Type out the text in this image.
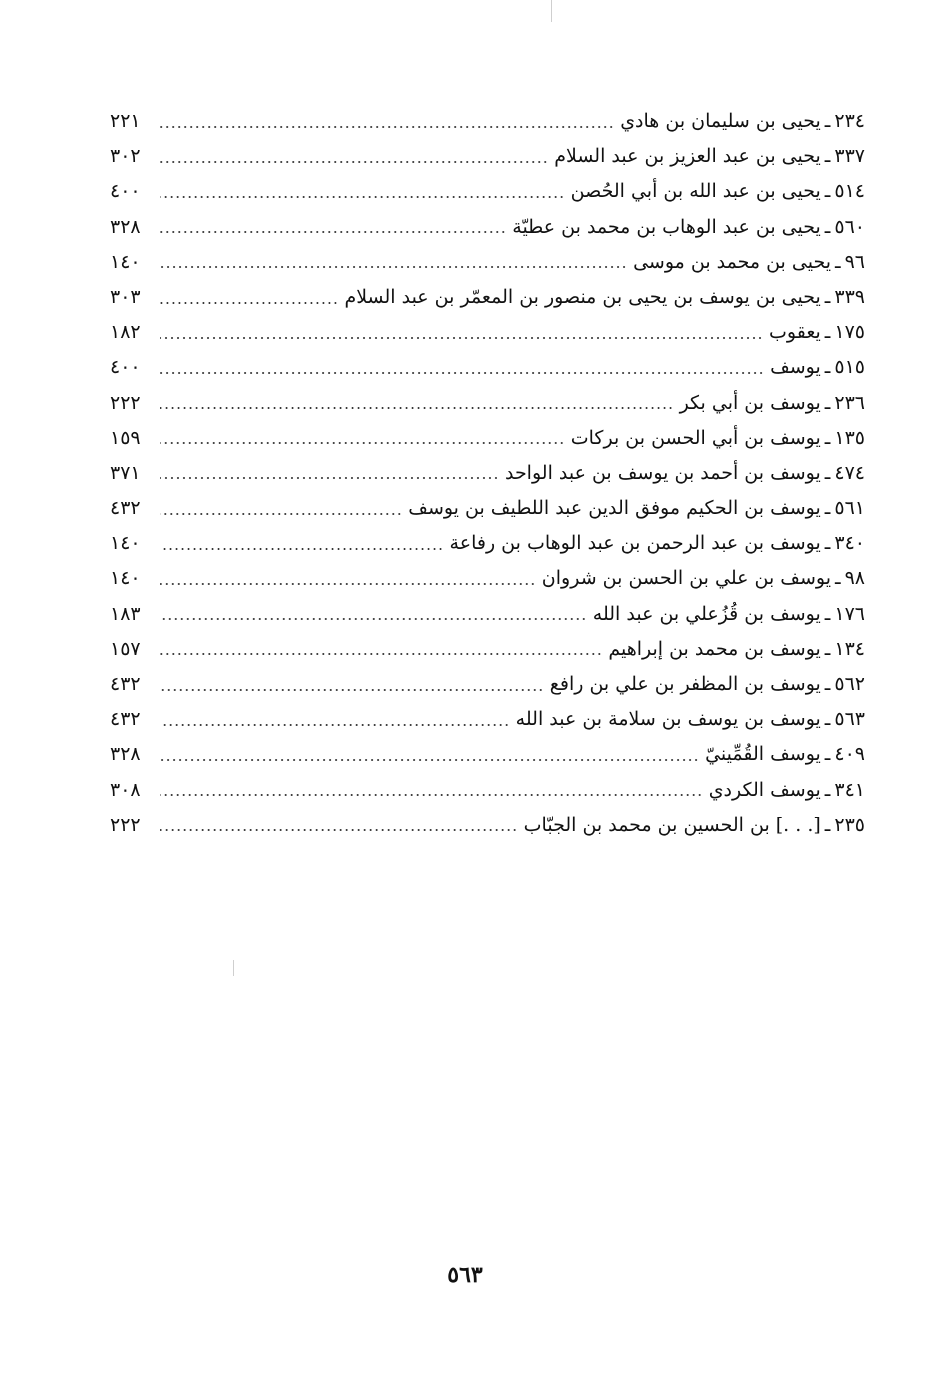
٢٣٤
ـ
يحيى بن سليمان بن هادي
٢٢١
٣٣٧
ـ
يحيى بن عبد العزيز بن عبد السلام
٣٠٢
٥١٤
ـ
يحيى بن عبد الله بن أبي الحُصن
٤٠٠
٥٦٠
ـ
يحيى بن عبد الوهاب بن محمد بن عطيّة
٣٢٨
٩٦
ـ
يحيى بن محمد بن موسى
١٤٠
٣٣٩
ـ
يحيى بن يوسف بن يحيى بن منصور بن المعمّر بن عبد السلام
٣٠٣
١٧٥
ـ
يعقوب
١٨٢
٥١٥
ـ
يوسف
٤٠٠
٢٣٦
ـ
يوسف بن أبي بكر
٢٢٢
١٣٥
ـ
يوسف بن أبي الحسن بن بركات
١٥٩
٤٧٤
ـ
يوسف بن أحمد بن يوسف بن عبد الواحد
٣٧١
٥٦١
ـ
يوسف بن الحكيم موفق الدين عبد اللطيف بن يوسف
٤٣٢
٣٤٠
ـ
يوسف بن عبد الرحمن بن عبد الوهاب بن رفاعة
١٤٠
٩٨
ـ
يوسف بن علي بن الحسن بن شروان
١٤٠
١٧٦
ـ
يوسف بن قُزُعلي بن عبد الله
١٨٣
١٣٤
ـ
يوسف بن محمد بن إبراهيم
١٥٧
٥٦٢
ـ
يوسف بن المظفر بن علي بن رافع
٤٣٢
٥٦٣
ـ
يوسف بن يوسف بن سلامة بن عبد الله
٤٣٢
٤٠٩
ـ
يوسف القُمِّينيّ
٣٢٨
٣٤١
ـ
يوسف الكردي
٣٠٨
٢٣٥
ـ
[. . .] بن الحسين بن محمد بن الجبّاب
٢٢٢
٥٦٣
